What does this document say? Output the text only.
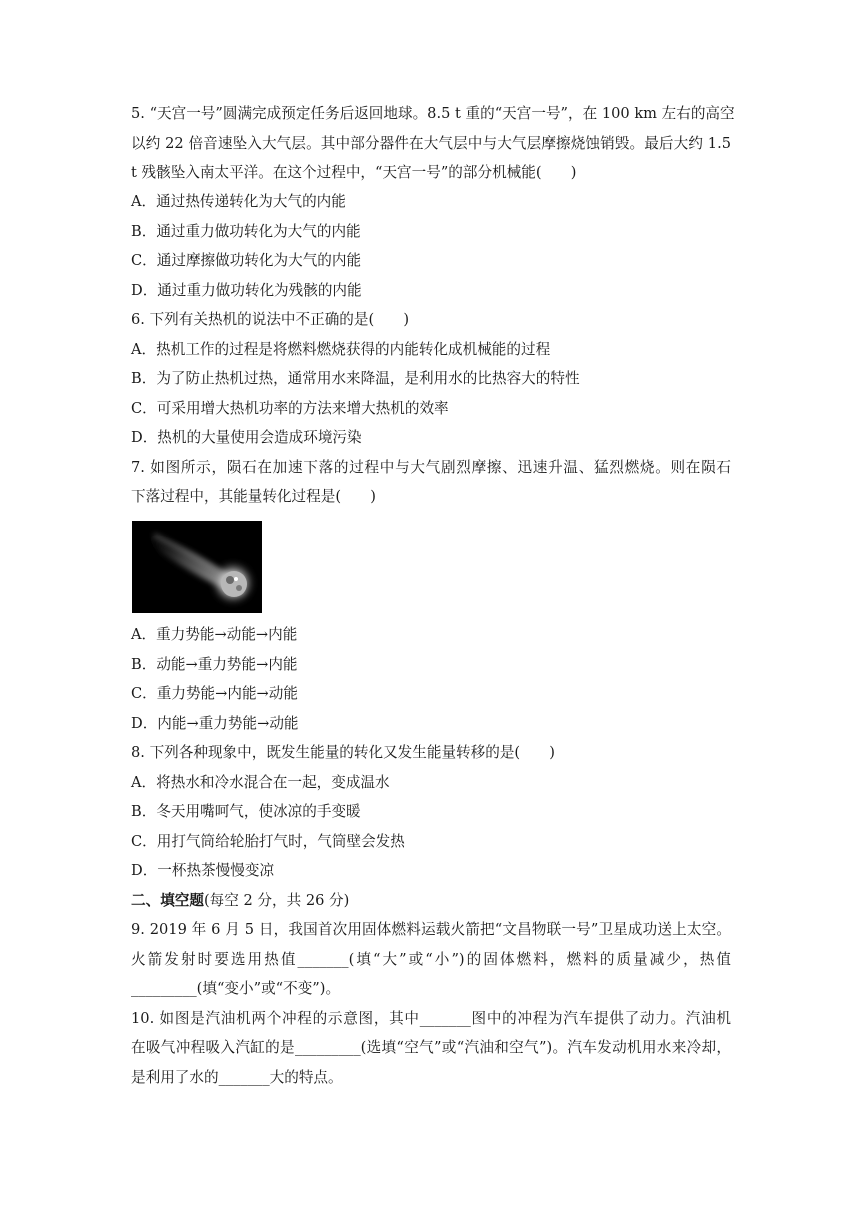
5. “天宫一号”圆满完成预定任务后返回地球。8.5 t 重的“天宫一号”，在 100 km 左右的高空
以约 22 倍音速坠入大气层。其中部分器件在大气层中与大气层摩擦烧蚀销毁。最后大约 1.5
t 残骸坠入南太平洋。在这个过程中，“天宫一号”的部分机械能(　　)
A．通过热传递转化为大气的内能
B．通过重力做功转化为大气的内能
C．通过摩擦做功转化为大气的内能
D．通过重力做功转化为残骸的内能
6. 下列有关热机的说法中不正确的是(　　)
A．热机工作的过程是将燃料燃烧获得的内能转化成机械能的过程
B．为了防止热机过热，通常用水来降温，是利用水的比热容大的特性
C．可采用增大热机功率的方法来增大热机的效率
D．热机的大量使用会造成环境污染
7. 如图所示，陨石在加速下落的过程中与大气剧烈摩擦、迅速升温、猛烈燃烧。则在陨石
下落过程中，其能量转化过程是(　　)
A．重力势能→动能→内能
B．动能→重力势能→内能
C．重力势能→内能→动能
D．内能→重力势能→动能
8. 下列各种现象中，既发生能量的转化又发生能量转移的是(　　)
A．将热水和冷水混合在一起，变成温水
B．冬天用嘴呵气，使冰凉的手变暖
C．用打气筒给轮胎打气时，气筒壁会发热
D．一杯热茶慢慢变凉
二、填空题(每空 2 分，共 26 分)
9. 2019 年 6 月 5 日，我国首次用固体燃料运载火箭把“文昌物联一号”卫星成功送上太空。
火箭发射时要选用热值_______(填“大”或“小”)的固体燃料，燃料的质量减少，热值
_________(填“变小”或“不变”)。
10. 如图是汽油机两个冲程的示意图，其中_______图中的冲程为汽车提供了动力。汽油机
在吸气冲程吸入汽缸的是_________(选填“空气”或“汽油和空气”)。汽车发动机用水来冷却，
是利用了水的_______大的特点。
